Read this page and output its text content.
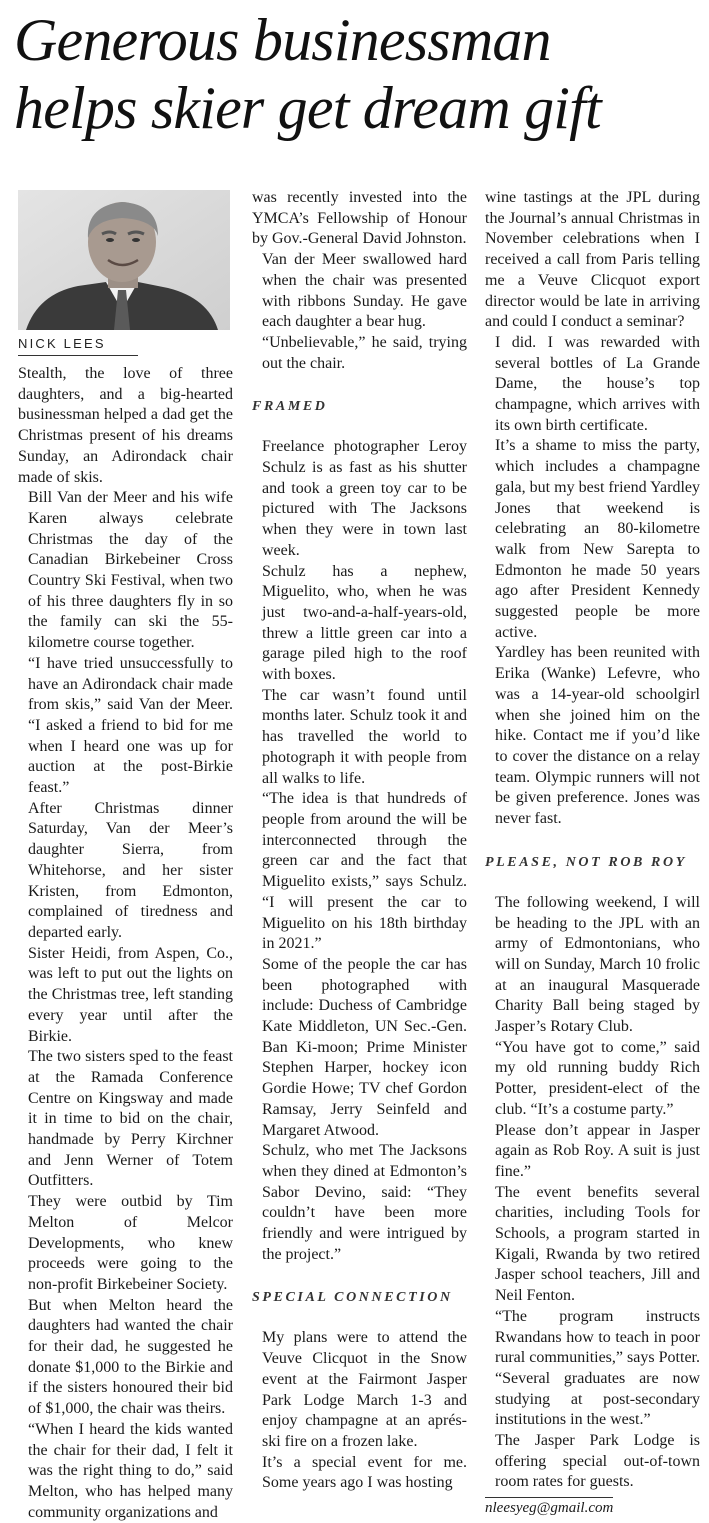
Generous businessman
helps skier get dream gift
NICK LEES

Stealth, the love of three daughters, and a big-hearted businessman helped a dad get the Christmas present of his dreams Sunday, an Adirondack chair made of skis.

Bill Van der Meer and his wife Karen always celebrate Christmas the day of the Canadian Birkebeiner Cross Country Ski Festival, when two of his three daughters fly in so the family can ski the 55-kilometre course together.

“I have tried unsuccessfully to have an Adirondack chair made from skis,” said Van der Meer. “I asked a friend to bid for me when I heard one was up for auction at the post-Birkie feast.”

After Christmas dinner Saturday, Van der Meer’s daughter Sierra, from Whitehorse, and her sister Kristen, from Edmonton, complained of tiredness and departed early.

Sister Heidi, from Aspen, Co., was left to put out the lights on the Christmas tree, left standing every year until after the Birkie.

The two sisters sped to the feast at the Ramada Conference Centre on Kingsway and made it in time to bid on the chair, handmade by Perry Kirchner and Jenn Werner of Totem Outfitters.

They were outbid by Tim Melton of Melcor Developments, who knew proceeds were going to the non-profit Birkebeiner Society.

But when Melton heard the daughters had wanted the chair for their dad, he suggested he donate $1,000 to the Birkie and if the sisters honoured their bid of $1,000, the chair was theirs.

“When I heard the kids wanted the chair for their dad, I felt it was the right thing to do,” said Melton, who has helped many community organizations and

was recently invested into the YMCA’s Fellowship of Honour by Gov.-General David Johnston.

Van der Meer swallowed hard when the chair was presented with ribbons Sunday. He gave each daughter a bear hug.

“Unbelievable,” he said, trying out the chair.

FRAMED

Freelance photographer Leroy Schulz is as fast as his shutter and took a green toy car to be pictured with The Jacksons when they were in town last week.

Schulz has a nephew, Miguelito, who, when he was just two-and-a-half-years-old, threw a little green car into a garage piled high to the roof with boxes.

The car wasn’t found until months later. Schulz took it and has travelled the world to photograph it with people from all walks to life.

“The idea is that hundreds of people from around the will be interconnected through the green car and the fact that Miguelito exists,” says Schulz. “I will present the car to Miguelito on his 18th birthday in 2021.”

Some of the people the car has been photographed with include: Duchess of Cambridge Kate Middleton, UN Sec.-Gen. Ban Ki-moon; Prime Minister Stephen Harper, hockey icon Gordie Howe; TV chef Gordon Ramsay, Jerry Seinfeld and Margaret Atwood.

Schulz, who met The Jacksons when they dined at Edmonton’s Sabor Devino, said: “They couldn’t have been more friendly and were intrigued by the project.”

SPECIAL CONNECTION

My plans were to attend the Veuve Clicquot in the Snow event at the Fairmont Jasper Park Lodge March 1-3 and enjoy champagne at an aprés-ski fire on a frozen lake.

It’s a special event for me. Some years ago I was hosting

wine tastings at the JPL during the Journal’s annual Christmas in November celebrations when I received a call from Paris telling me a Veuve Clicquot export director would be late in arriving and could I conduct a seminar?

I did. I was rewarded with several bottles of La Grande Dame, the house’s top champagne, which arrives with its own birth certificate.

It’s a shame to miss the party, which includes a champagne gala, but my best friend Yardley Jones that weekend is celebrating an 80-kilometre walk from New Sarepta to Edmonton he made 50 years ago after President Kennedy suggested people be more active.

Yardley has been reunited with Erika (Wanke) Lefevre, who was a 14-year-old schoolgirl when she joined him on the hike. Contact me if you’d like to cover the distance on a relay team. Olympic runners will not be given preference. Jones was never fast.

PLEASE, NOT ROB ROY

The following weekend, I will be heading to the JPL with an army of Edmontonians, who will on Sunday, March 10 frolic at an inaugural Masquerade Charity Ball being staged by Jasper’s Rotary Club.

“You have got to come,” said my old running buddy Rich Potter, president-elect of the club. “It’s a costume party.”

Please don’t appear in Jasper again as Rob Roy. A suit is just fine.”

The event benefits several charities, including Tools for Schools, a program started in Kigali, Rwanda by two retired Jasper school teachers, Jill and Neil Fenton.

“The program instructs Rwandans how to teach in poor rural communities,” says Potter. “Several graduates are now studying at post-secondary institutions in the west.”

The Jasper Park Lodge is offering special out-of-town room rates for guests.

nleesyeg@gmail.com
